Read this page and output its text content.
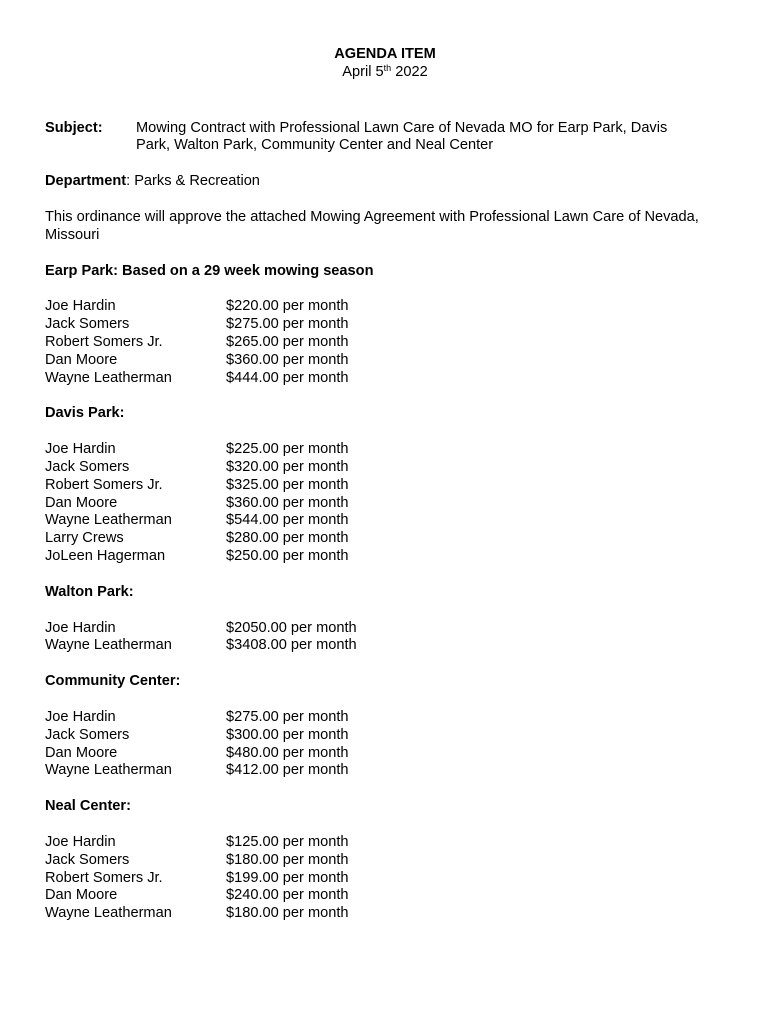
AGENDA ITEM
April 5th 2022
Subject:	Mowing Contract with Professional Lawn Care of Nevada MO for Earp Park, Davis
Park, Walton Park, Community Center and Neal Center
Department: Parks & Recreation
This ordinance will approve the attached Mowing Agreement with Professional Lawn Care of Nevada,
Missouri
Earp Park: Based on a 29 week mowing season
Joe Hardin	$220.00 per month
Jack Somers	$275.00 per month
Robert Somers Jr.	$265.00 per month
Dan Moore	$360.00 per month
Wayne Leatherman	$444.00 per month
Davis Park:
Joe Hardin	$225.00 per month
Jack Somers	$320.00 per month
Robert Somers Jr.	$325.00 per month
Dan Moore	$360.00 per month
Wayne Leatherman	$544.00 per month
Larry Crews	$280.00 per month
JoLeen Hagerman	$250.00 per month
Walton Park:
Joe Hardin	$2050.00 per month
Wayne Leatherman	$3408.00 per month
Community Center:
Joe Hardin	$275.00 per month
Jack Somers	$300.00 per month
Dan Moore	$480.00 per month
Wayne Leatherman	$412.00 per month
Neal Center:
Joe Hardin	$125.00 per month
Jack Somers	$180.00 per month
Robert Somers Jr.	$199.00 per month
Dan Moore	$240.00 per month
Wayne Leatherman	$180.00 per month
